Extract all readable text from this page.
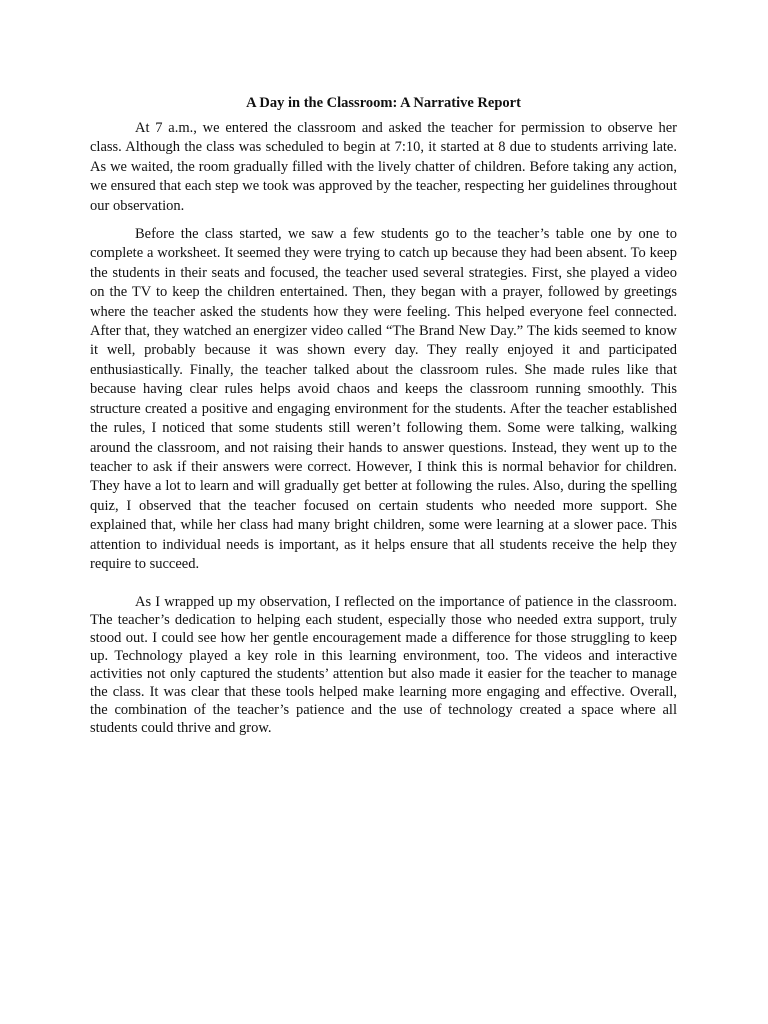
A Day in the Classroom: A Narrative Report

At 7 a.m., we entered the classroom and asked the teacher for permission to observe her class. Although the class was scheduled to begin at 7:10, it started at 8 due to students arriving late. As we waited, the room gradually filled with the lively chatter of children. Before taking any action, we ensured that each step we took was approved by the teacher, respecting her guidelines throughout our observation.

Before the class started, we saw a few students go to the teacher’s table one by one to complete a worksheet. It seemed they were trying to catch up because they had been absent. To keep the students in their seats and focused, the teacher used several strategies. First, she played a video on the TV to keep the children entertained. Then, they began with a prayer, followed by greetings where the teacher asked the students how they were feeling. This helped everyone feel connected. After that, they watched an energizer video called “The Brand New Day.” The kids seemed to know it well, probably because it was shown every day. They really enjoyed it and participated enthusiastically. Finally, the teacher talked about the classroom rules. She made rules like that because having clear rules helps avoid chaos and keeps the classroom running smoothly. This structure created a positive and engaging environment for the students. After the teacher established the rules, I noticed that some students still weren’t following them. Some were talking, walking around the classroom, and not raising their hands to answer questions. Instead, they went up to the teacher to ask if their answers were correct. However, I think this is normal behavior for children. They have a lot to learn and will gradually get better at following the rules. Also, during the spelling quiz, I observed that the teacher focused on certain students who needed more support. She explained that, while her class had many bright children, some were learning at a slower pace. This attention to individual needs is important, as it helps ensure that all students receive the help they require to succeed.

As I wrapped up my observation, I reflected on the importance of patience in the classroom. The teacher’s dedication to helping each student, especially those who needed extra support, truly stood out. I could see how her gentle encouragement made a difference for those struggling to keep up. Technology played a key role in this learning environment, too. The videos and interactive activities not only captured the students’ attention but also made it easier for the teacher to manage the class. It was clear that these tools helped make learning more engaging and effective. Overall, the combination of the teacher’s patience and the use of technology created a space where all students could thrive and grow.
